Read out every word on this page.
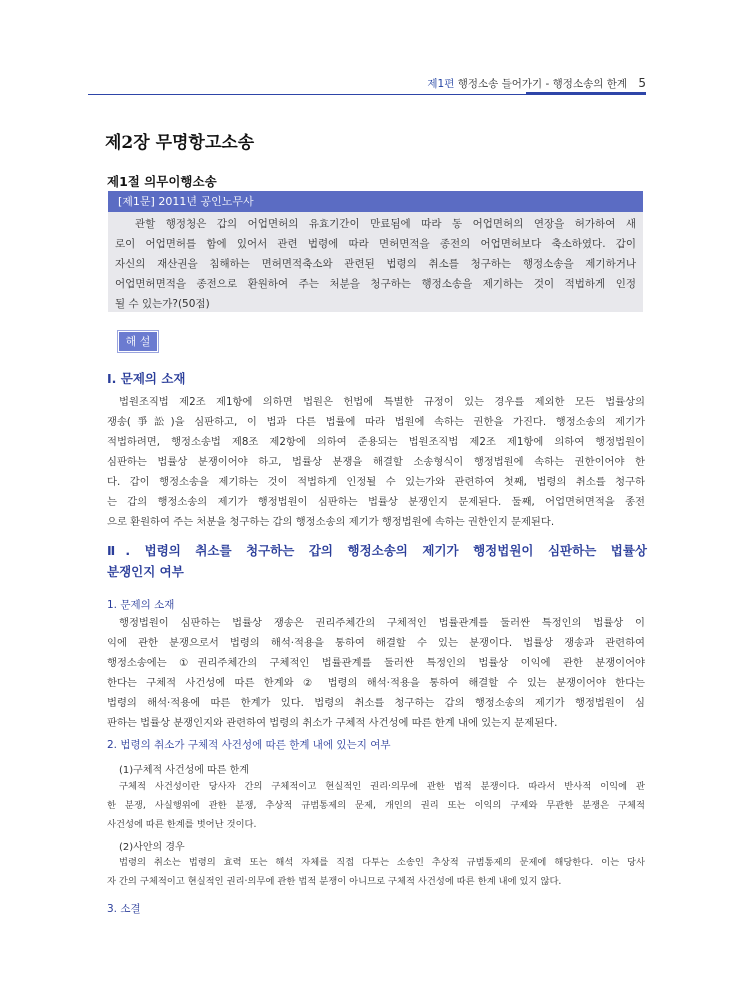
제1편 행정소송 들어가기 - 행정소송의 한계 5
제2장 무명항고소송
제1절 의무이행소송
[제1문] 2011년 공인노무사
관할 행정청은 갑의 어업면허의 유효기간이 만료됨에 따라 동 어업면허의 연장을 허가하여 새
로이 어업면허를 함에 있어서 관련 법령에 따라 면허면적을 종전의 어업면허보다 축소하였다. 갑이
자신의 재산권을 침해하는 면허면적축소와 관련된 법령의 취소를 청구하는 행정소송을 제기하거나
어업면허면적을 종전으로 환원하여 주는 처분을 청구하는 행정소송을 제기하는 것이 적법하게 인정
될 수 있는가?(50점)
해 설
Ⅰ. 문제의 소재
법원조직법 제2조 제1항에 의하면 법원은 헌법에 특별한 규정이 있는 경우를 제외한 모든 법률상의
쟁송(爭訟)을 심판하고, 이 법과 다른 법률에 따라 법원에 속하는 권한을 가진다. 행정소송의 제기가
적법하려면, 행정소송법 제8조 제2항에 의하여 준용되는 법원조직법 제2조 제1항에 의하여 행정법원이
심판하는 법률상 분쟁이어야 하고, 법률상 분쟁을 해결할 소송형식이 행정법원에 속하는 권한이어야 한
다. 갑이 행정소송을 제기하는 것이 적법하게 인정될 수 있는가와 관련하여 첫째, 법령의 취소를 청구하
는 갑의 행정소송의 제기가 행정법원이 심판하는 법률상 분쟁인지 문제된다. 둘째, 어업면허면적을 종전
으로 환원하여 주는 처분을 청구하는 갑의 행정소송의 제기가 행정법원에 속하는 권한인지 문제된다.
Ⅱ. 법령의 취소를 청구하는 갑의 행정소송의 제기가 행정법원이 심판하는 법률상
분쟁인지 여부
1. 문제의 소재
행정법원이 심판하는 법률상 쟁송은 권리주체간의 구체적인 법률관계를 둘러싼 특정인의 법률상 이
익에 관한 분쟁으로서 법령의 해석·적용을 통하여 해결할 수 있는 분쟁이다. 법률상 쟁송과 관련하여
행정소송에는 ①권리주체간의 구체적인 법률관계를 둘러싼 특정인의 법률상 이익에 관한 분쟁이어야
한다는 구체적 사건성에 따른 한계와 ② 법령의 해석·적용을 통하여 해결할 수 있는 분쟁이어야 한다는
법령의 해석·적용에 따른 한계가 있다. 법령의 취소를 청구하는 갑의 행정소송의 제기가 행정법원이 심
판하는 법률상 분쟁인지와 관련하여 법령의 취소가 구체적 사건성에 따른 한계 내에 있는지 문제된다.
2. 법령의 취소가 구체적 사건성에 따른 한계 내에 있는지 여부
(1)구체적 사건성에 따른 한계
구체적 사건성이란 당사자 간의 구체적이고 현실적인 권리·의무에 관한 법적 분쟁이다. 따라서 반사적 이익에 관
한 분쟁, 사실행위에 관한 분쟁, 추상적 규범통제의 문제, 개인의 권리 또는 이익의 구제와 무관한 분쟁은 구체적
사건성에 따른 한계를 벗어난 것이다.
(2)사안의 경우
법령의 취소는 법령의 효력 또는 해석 자체를 직접 다투는 소송인 추상적 규범통제의 문제에 해당한다. 이는 당사
자 간의 구체적이고 현실적인 권리·의무에 관한 법적 분쟁이 아니므로 구체적 사건성에 따른 한계 내에 있지 않다.
3. 소결
